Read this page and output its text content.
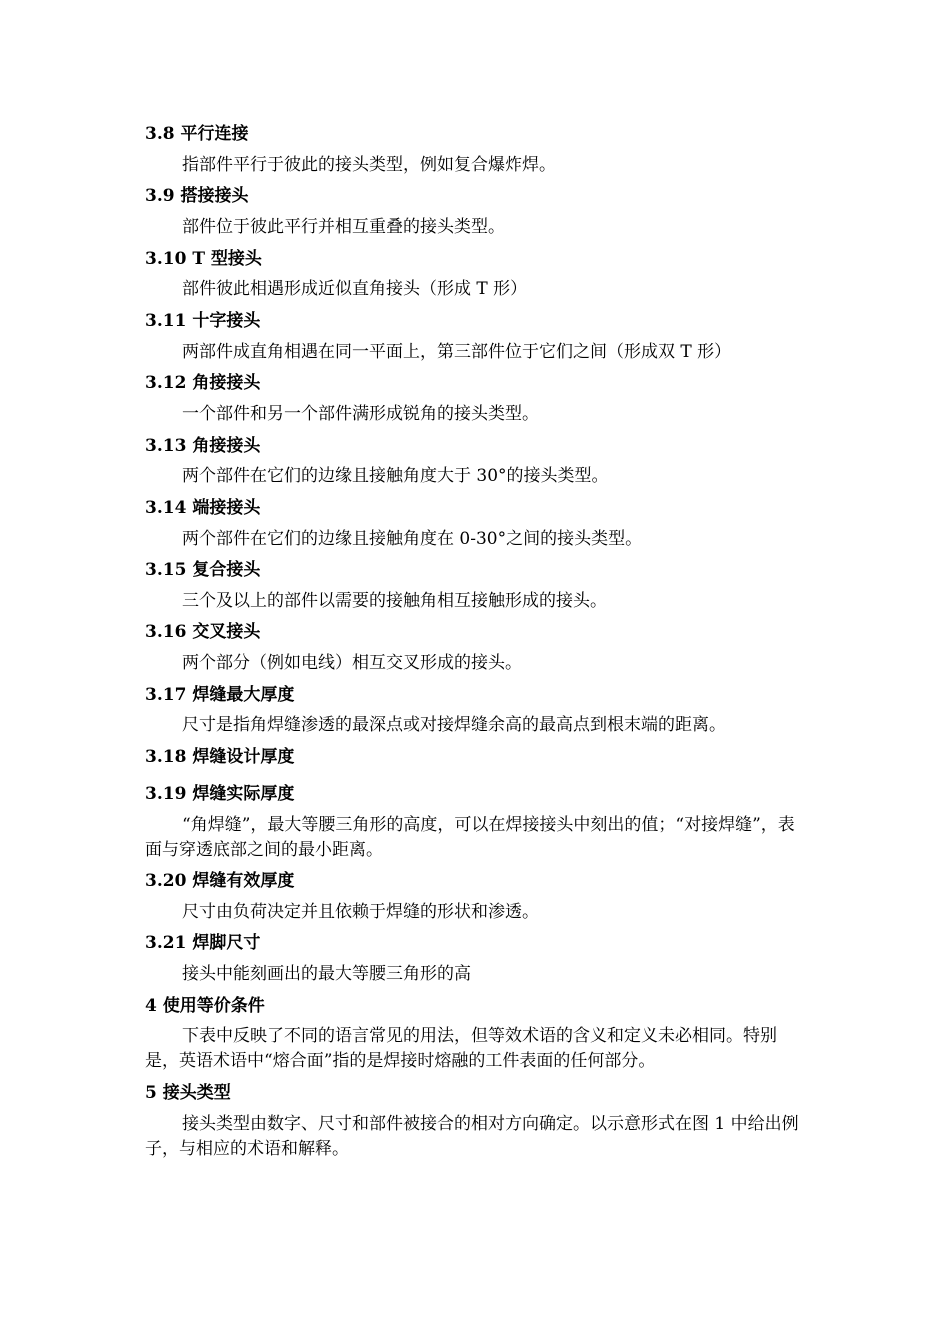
3.8 平行连接
指部件平行于彼此的接头类型，例如复合爆炸焊。
3.9 搭接接头
部件位于彼此平行并相互重叠的接头类型。
3.10 T 型接头
部件彼此相遇形成近似直角接头（形成 T 形）
3.11 十字接头
两部件成直角相遇在同一平面上，第三部件位于它们之间（形成双 T 形）
3.12 角接接头
一个部件和另一个部件满形成锐角的接头类型。
3.13 角接接头
两个部件在它们的边缘且接触角度大于 30°的接头类型。
3.14 端接接头
两个部件在它们的边缘且接触角度在 0-30°之间的接头类型。
3.15 复合接头
三个及以上的部件以需要的接触角相互接触形成的接头。
3.16 交叉接头
两个部分（例如电线）相互交叉形成的接头。
3.17 焊缝最大厚度
尺寸是指角焊缝渗透的最深点或对接焊缝余高的最高点到根末端的距离。
3.18 焊缝设计厚度
3.19 焊缝实际厚度
“角焊缝”，最大等腰三角形的高度，可以在焊接接头中刻出的值；“对接焊缝”，表面与穿透底部之间的最小距离。
3.20 焊缝有效厚度
尺寸由负荷决定并且依赖于焊缝的形状和渗透。
3.21 焊脚尺寸
接头中能刻画出的最大等腰三角形的高
4 使用等价条件
下表中反映了不同的语言常见的用法，但等效术语的含义和定义未必相同。特别是，英语术语中“熔合面”指的是焊接时熔融的工件表面的任何部分。
5 接头类型
接头类型由数字、尺寸和部件被接合的相对方向确定。以示意形式在图 1 中给出例子，与相应的术语和解释。
